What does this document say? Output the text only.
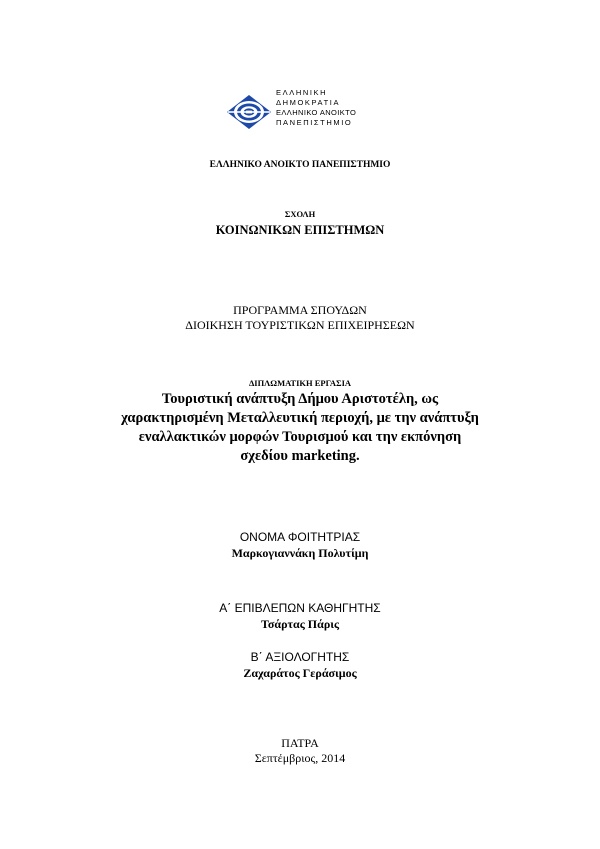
ΕΛΛΗΝΙΚΗ
ΔΗΜΟΚΡΑΤΙΑ
ΕΛΛΗΝΙΚΟ ΑΝΟΙΚΤΟ
ΠΑΝΕΠΙΣΤΗΜΙΟ
ΕΛΛΗΝΙΚΟ ΑΝΟΙΚΤΟ ΠΑΝΕΠΙΣΤΗΜΙΟ
ΣΧΟΛΗ
ΚΟΙΝΩΝΙΚΩΝ ΕΠΙΣΤΗΜΩΝ
ΠΡΟΓΡΑΜΜΑ ΣΠΟΥΔΩΝ
ΔΙΟΙΚΗΣΗ ΤΟΥΡΙΣΤΙΚΩΝ ΕΠΙΧΕΙΡΗΣΕΩΝ
ΔΙΠΛΩΜΑΤΙΚΗ ΕΡΓΑΣΙΑ
Τουριστική ανάπτυξη Δήμου Αριστοτέλη, ως
χαρακτηρισμένη Μεταλλευτική περιοχή, με την ανάπτυξη
εναλλακτικών μορφών Τουρισμού και την εκπόνηση
σχεδίου marketing.
ΟΝΟΜΑ ΦΟΙΤΗΤΡΙΑΣ
Μαρκογιαννάκη Πολυτίμη
Α΄ ΕΠΙΒΛΕΠΩΝ ΚΑΘΗΓΗΤΗΣ
Τσάρτας Πάρις
Β΄ ΑΞΙΟΛΟΓΗΤΗΣ
Ζαχαράτος Γεράσιμος
ΠΑΤΡΑ
Σεπτέμβριος, 2014
